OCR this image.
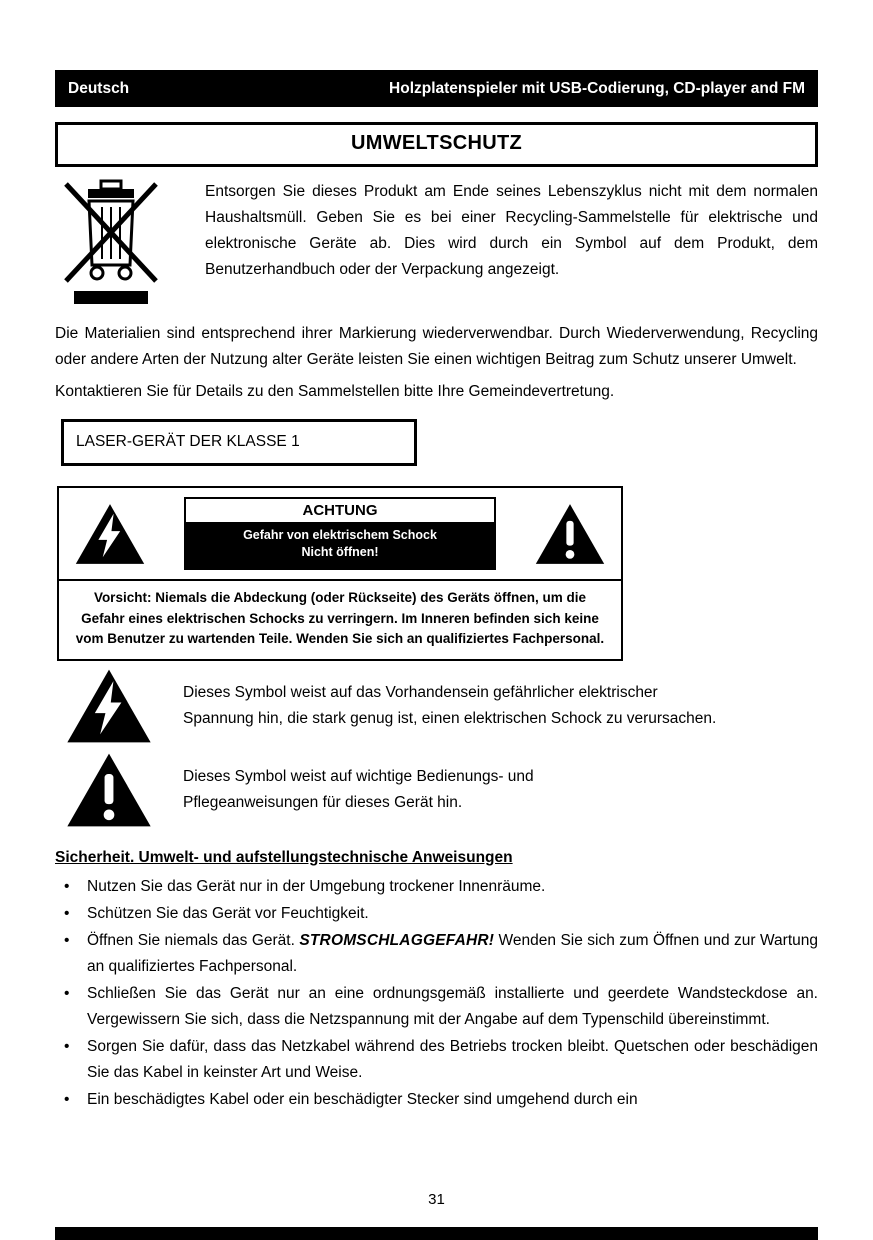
Deutsch	Holzplatenspieler mit USB-Codierung, CD-player and FM
UMWELTSCHUTZ

Entsorgen Sie dieses Produkt am Ende seines Lebenszyklus nicht mit dem normalen Haushaltsmüll. Geben Sie es bei einer Recycling-Sammelstelle für elektrische und elektronische Geräte ab. Dies wird durch ein Symbol auf dem Produkt, dem Benutzerhandbuch oder der Verpackung angezeigt.

Die Materialien sind entsprechend ihrer Markierung wiederverwendbar. Durch Wiederverwendung, Recycling oder andere Arten der Nutzung alter Geräte leisten Sie einen wichtigen Beitrag zum Schutz unserer Umwelt.

Kontaktieren Sie für Details zu den Sammelstellen bitte Ihre Gemeindevertretung.

LASER-GERÄT DER KLASSE 1
ACHTUNG
Gefahr von elektrischem Schock
Nicht öffnen!
Vorsicht: Niemals die Abdeckung (oder Rückseite) des Geräts öffnen, um die Gefahr eines elektrischen Schocks zu verringern. Im Inneren befinden sich keine vom Benutzer zu wartenden Teile. Wenden Sie sich an qualifiziertes Fachpersonal.

Dieses Symbol weist auf das Vorhandensein gefährlicher elektrischer Spannung hin, die stark genug ist, einen elektrischen Schock zu verursachen.

Dieses Symbol weist auf wichtige Bedienungs- und Pflegeanweisungen für dieses Gerät hin.

Sicherheit. Umwelt- und aufstellungstechnische Anweisungen
•	Nutzen Sie das Gerät nur in der Umgebung trockener Innenräume.
•	Schützen Sie das Gerät vor Feuchtigkeit.
•	Öffnen Sie niemals das Gerät. STROMSCHLAGGEFAHR! Wenden Sie sich zum Öffnen und zur Wartung an qualifiziertes Fachpersonal.
•	Schließen Sie das Gerät nur an eine ordnungsgemäß installierte und geerdete Wandsteckdose an. Vergewissern Sie sich, dass die Netzspannung mit der Angabe auf dem Typenschild übereinstimmt.
•	Sorgen Sie dafür, dass das Netzkabel während des Betriebs trocken bleibt. Quetschen oder beschädigen Sie das Kabel in keinster Art und Weise.
•	Ein beschädigtes Kabel oder ein beschädigter Stecker sind umgehend durch ein
31
